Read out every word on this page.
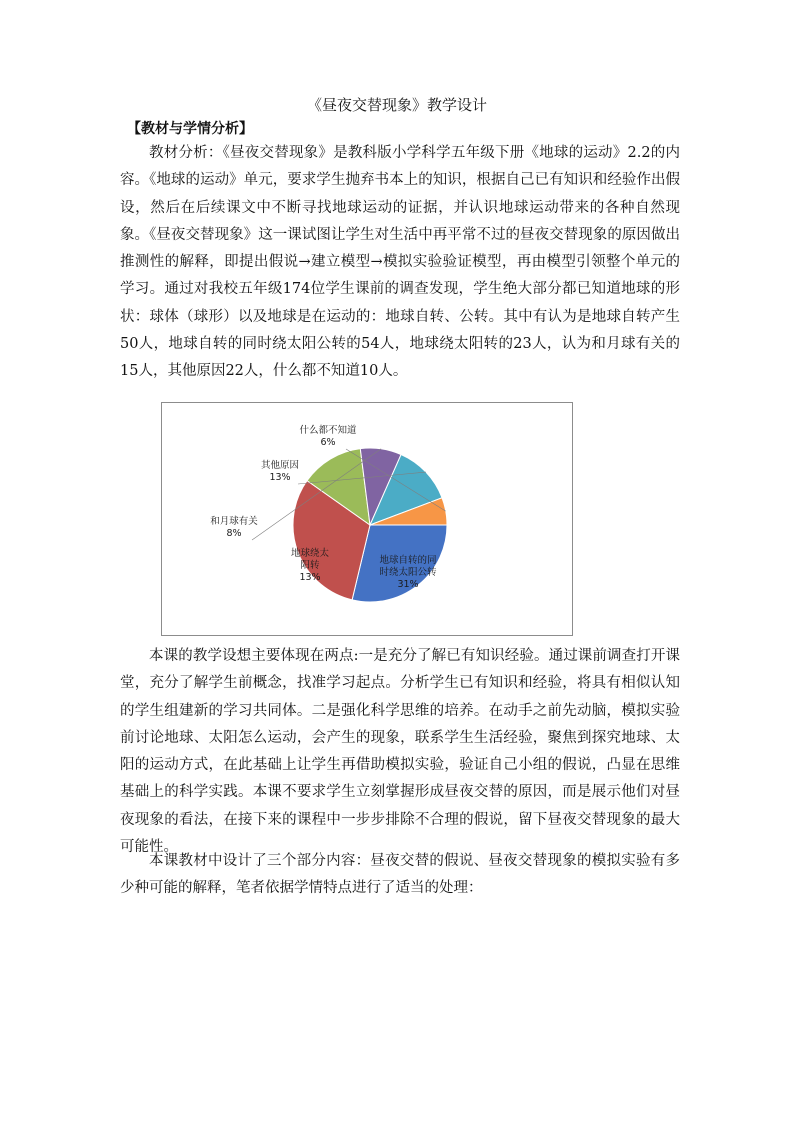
《昼夜交替现象》教学设计
【教材与学情分析】

教材分析：《昼夜交替现象》是教科版小学科学五年级下册《地球的运动》2.2的内容。《地球的运动》单元，要求学生抛弃书本上的知识，根据自己已有知识和经验作出假设，然后在后续课文中不断寻找地球运动的证据，并认识地球运动带来的各种自然现象。《昼夜交替现象》这一课试图让学生对生活中再平常不过的昼夜交替现象的原因做出推测性的解释，即提出假说→建立模型→模拟实验验证模型，再由模型引领整个单元的学习。通过对我校五年级174位学生课前的调查发现，学生绝大部分都已知道地球的形状：球体（球形）以及地球是在运动的：地球自转、公转。其中有认为是地球自转产生50人，地球自转的同时绕太阳公转的54人，地球绕太阳转的23人，认为和月球有关的15人，其他原因22人，什么都不知道10人。

地球自转的同时绕太阳公转 31%
地球绕太阳转 13%
和月球有关 8%
其他原因 13%
什么都不知道 6%

本课的教学设想主要体现在两点:一是充分了解已有知识经验。通过课前调查打开课堂，充分了解学生前概念，找准学习起点。分析学生已有知识和经验，将具有相似认知的学生组建新的学习共同体。二是强化科学思维的培养。在动手之前先动脑，模拟实验前讨论地球、太阳怎么运动，会产生的现象，联系学生生活经验，聚焦到探究地球、太阳的运动方式，在此基础上让学生再借助模拟实验，验证自己小组的假说，凸显在思维基础上的科学实践。本课不要求学生立刻掌握形成昼夜交替的原因，而是展示他们对昼夜现象的看法，在接下来的课程中一步步排除不合理的假说，留下昼夜交替现象的最大可能性。

本课教材中设计了三个部分内容：昼夜交替的假说、昼夜交替现象的模拟实验有多少种可能的解释，笔者依据学情特点进行了适当的处理：
